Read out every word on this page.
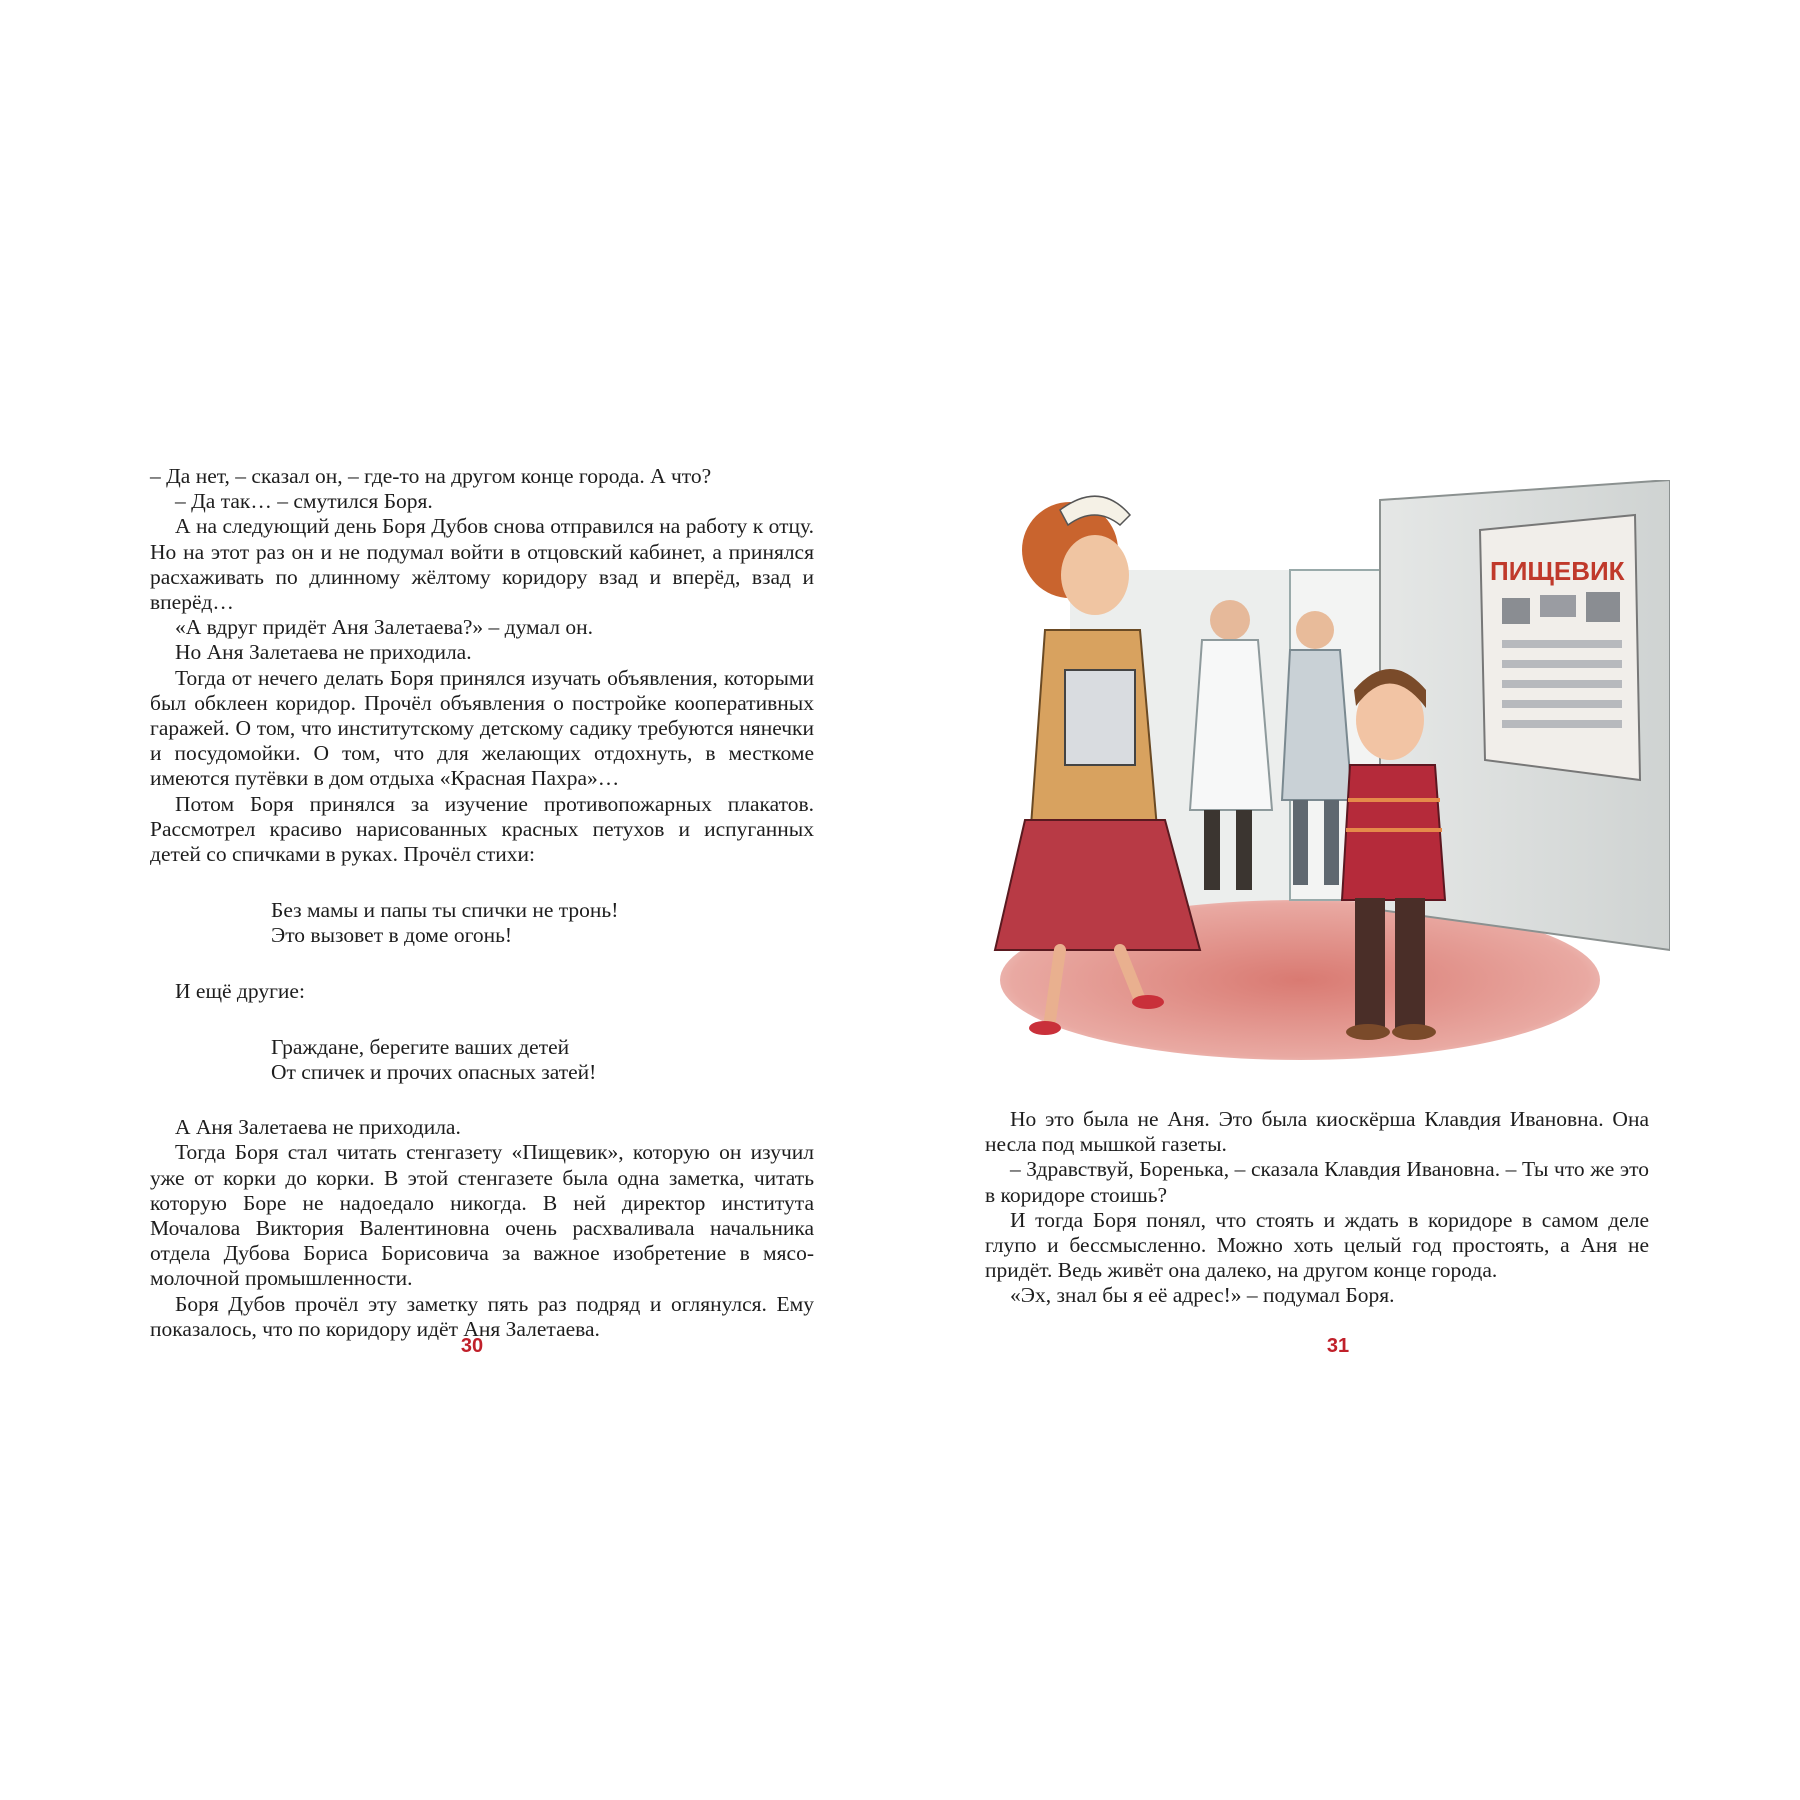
– Да нет, – сказал он, – где-то на другом конце города. А что?

– Да так… – смутился Боря.

А на следующий день Боря Дубов снова отправился на работу к отцу. Но на этот раз он и не подумал войти в отцовский кабинет, а принялся расхаживать по длинному жёлтому коридору взад и вперёд, взад и вперёд…

«А вдруг придёт Аня Залетаева?» – думал он.

Но Аня Залетаева не приходила.

Тогда от нечего делать Боря принялся изучать объявления, которыми был обклеен коридор. Прочёл объявления о постройке кооперативных гаражей. О том, что институтскому детскому садику требуются нянечки и посудомойки. О том, что для желающих отдохнуть, в месткоме имеются путёвки в дом отдыха «Красная Пахра»…

Потом Боря принялся за изучение противопожарных плакатов. Рассмотрел красиво нарисованных красных петухов и испуганных детей со спичками в руках. Прочёл стихи:

Без мамы и папы ты спички не тронь!
Это вызовет в доме огонь!

И ещё другие:

Граждане, берегите ваших детей
От спичек и прочих опасных затей!

А Аня Залетаева не приходила.

Тогда Боря стал читать стенгазету «Пищевик», которую он изучил уже от корки до корки. В этой стенгазете была одна заметка, читать которую Боре не надоедало никогда. В ней директор института Мочалова Виктория Валентиновна очень расхваливала начальника отдела Дубова Бориса Борисовича за важное изобретение в мясо-молочной промышленности.

Боря Дубов прочёл эту заметку пять раз подряд и оглянулся. Ему показалось, что по коридору идёт Аня Залетаева.

30
ПИЩЕВИК

Но это была не Аня. Это была киоскёрша Клавдия Ивановна. Она несла под мышкой газеты.

– Здравствуй, Боренька, – сказала Клавдия Ивановна. – Ты что же это в коридоре стоишь?

И тогда Боря понял, что стоять и ждать в коридоре в самом деле глупо и бессмысленно. Можно хоть целый год простоять, а Аня не придёт. Ведь живёт она далеко, на другом конце города.

«Эх, знал бы я её адрес!» – подумал Боря.

31
